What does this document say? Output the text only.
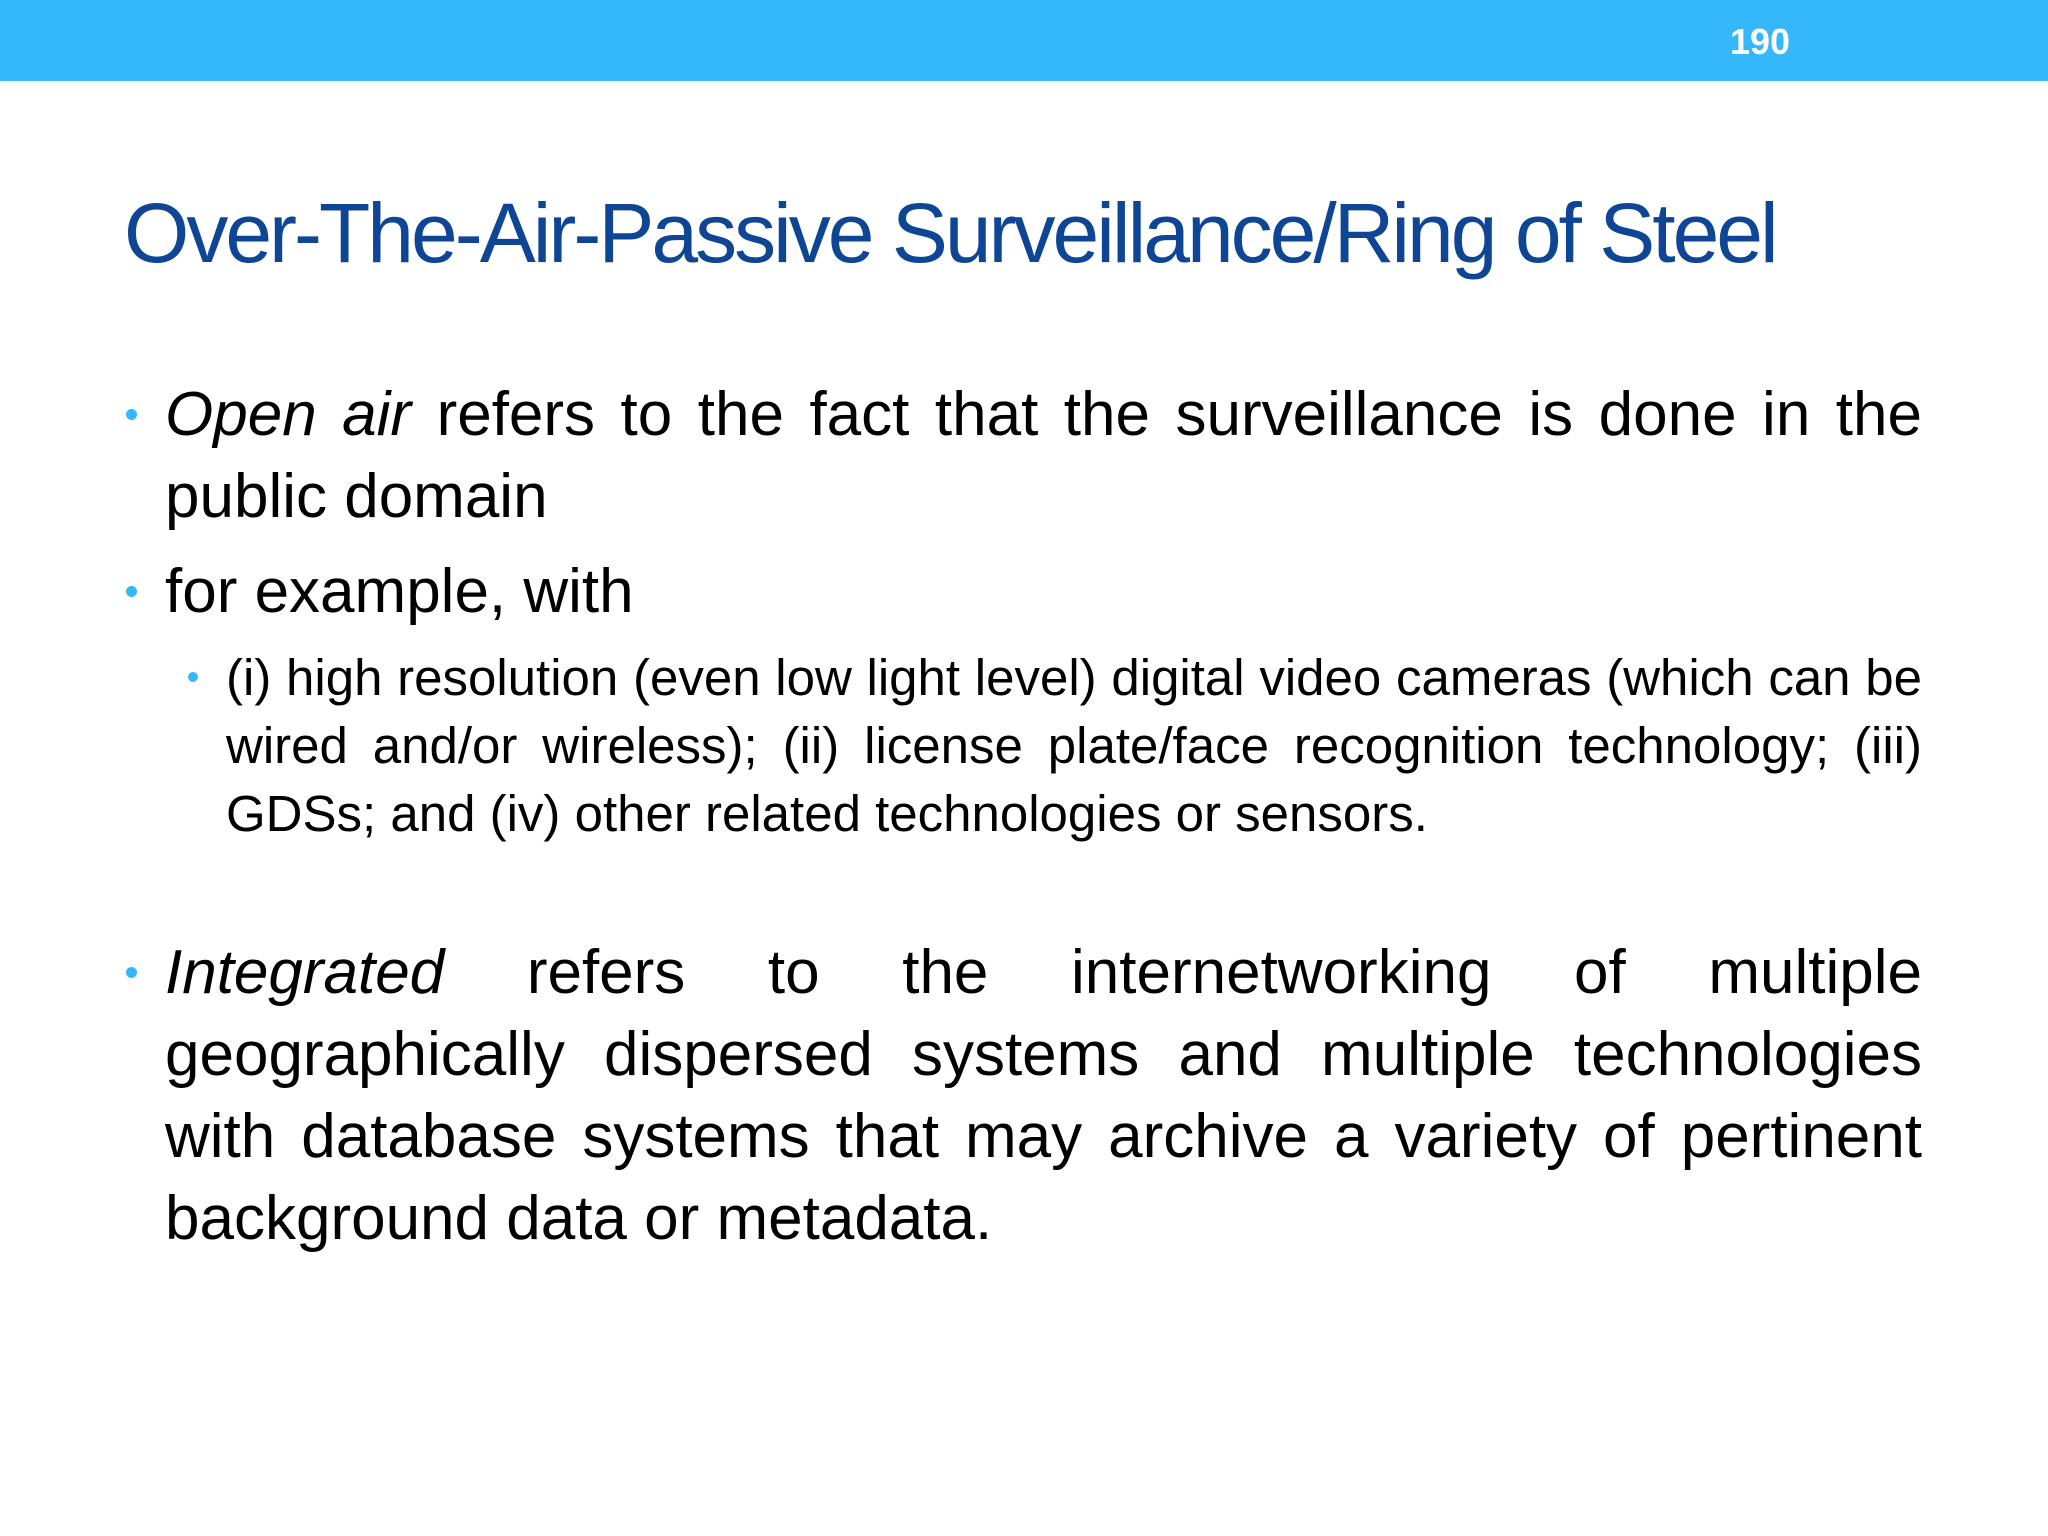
190
Over-The-Air-Passive Surveillance/Ring of Steel
Open air refers to the fact that the surveillance is done in the public domain
for example, with
(i) high resolution (even low light level) digital video cameras (which can be wired and/or wireless); (ii) license plate/face recognition technology; (iii) GDSs; and (iv) other related technologies or sensors.
Integrated refers to the internetworking of multiple geographically dispersed systems and multiple technologies with database systems that may archive a variety of pertinent background data or metadata.
